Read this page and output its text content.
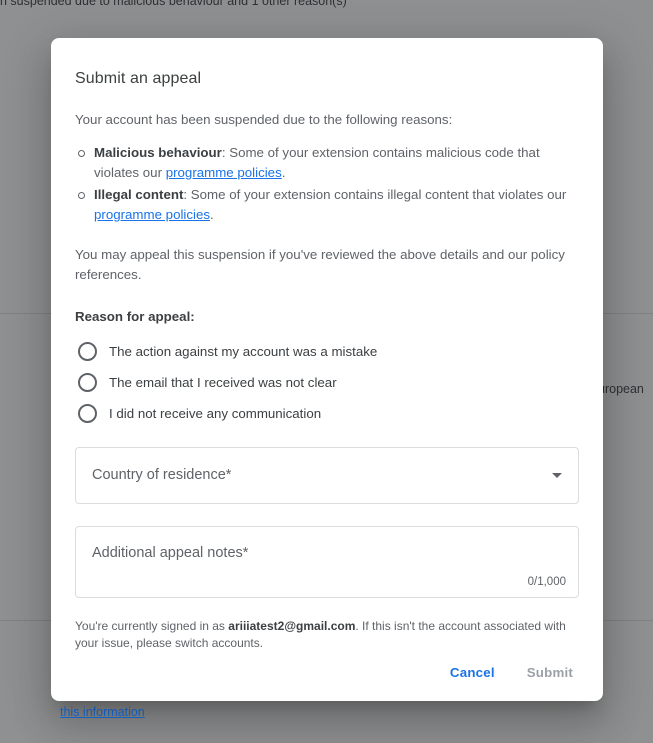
this information
Submit an appeal

Your account has been suspended due to the following reasons:

Malicious behaviour: Some of your extension contains malicious code that violates our programme policies.
Illegal content: Some of your extension contains illegal content that violates our programme policies.

You may appeal this suspension if you've reviewed the above details and our policy references.

Reason for appeal:

The action against my account was a mistake
The email that I received was not clear
I did not receive any communication
Country of residence*
Additional appeal notes*
0/1,000

You're currently signed in as ariiiatest2@gmail.com. If this isn't the account associated with your issue, please switch accounts.

Cancel	Submit
